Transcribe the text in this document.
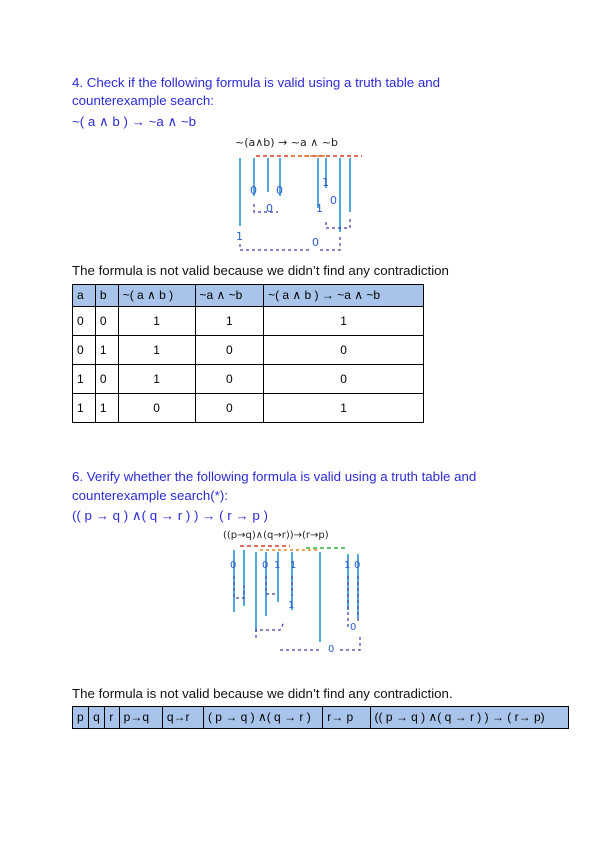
4. Check if the following formula is valid using a truth table and
counterexample search:
~( a ∧ b ) → ~a ∧ ~b
~(a∧b) → ~a ∧ ~b
0 0
1
1
0
0
1	0
The formula is not valid because we didn’t find any contradiction
a	b	~( a ∧ b )	~a ∧ ~b	~( a ∧ b ) → ~a ∧ ~b
0	0	1	1	1
0	1	1	0	0
1	0	1	0	0
1	1	0	0	1
6. Verify whether the following formula is valid using a truth table and
counterexample search(*):
(( p → q ) ∧( q → r ) ) → ( r → p )
((p→q)∧(q→r))→(r→p)
0	0 1 1	1 0
1
0
0
The formula is not valid because we didn’t find any contradiction.
p	q	r	p→q	q→r	( p → q ) ∧( q → r )	r→ p	(( p → q ) ∧( q → r ) ) → ( r→ p)
